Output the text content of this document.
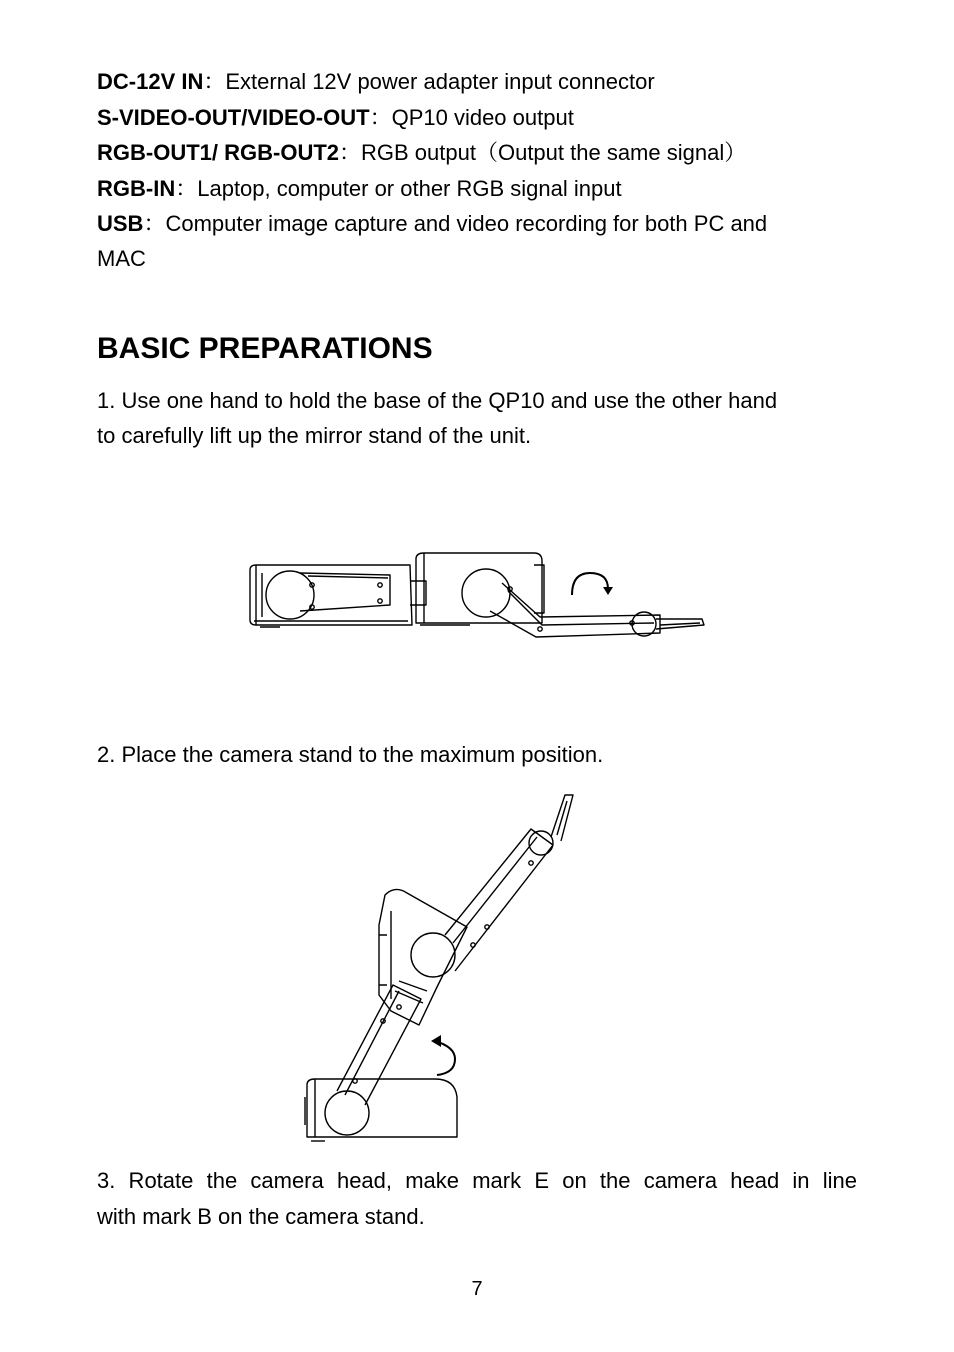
DC-12V IN：External 12V power adapter input connector
S-VIDEO-OUT/VIDEO-OUT：QP10 video output
RGB-OUT1/ RGB-OUT2：RGB output（Output the same signal）
RGB-IN：Laptop, computer or other RGB signal input
USB：Computer image capture and video recording for both PC and
MAC
BASIC PREPARATIONS
1. Use one hand to hold the base of the QP10 and use the other hand
to carefully lift up the mirror stand of the unit.
2. Place the camera stand to the maximum position.
3. Rotate the camera head, make mark E on the camera head in line
with mark B on the camera stand.
7
